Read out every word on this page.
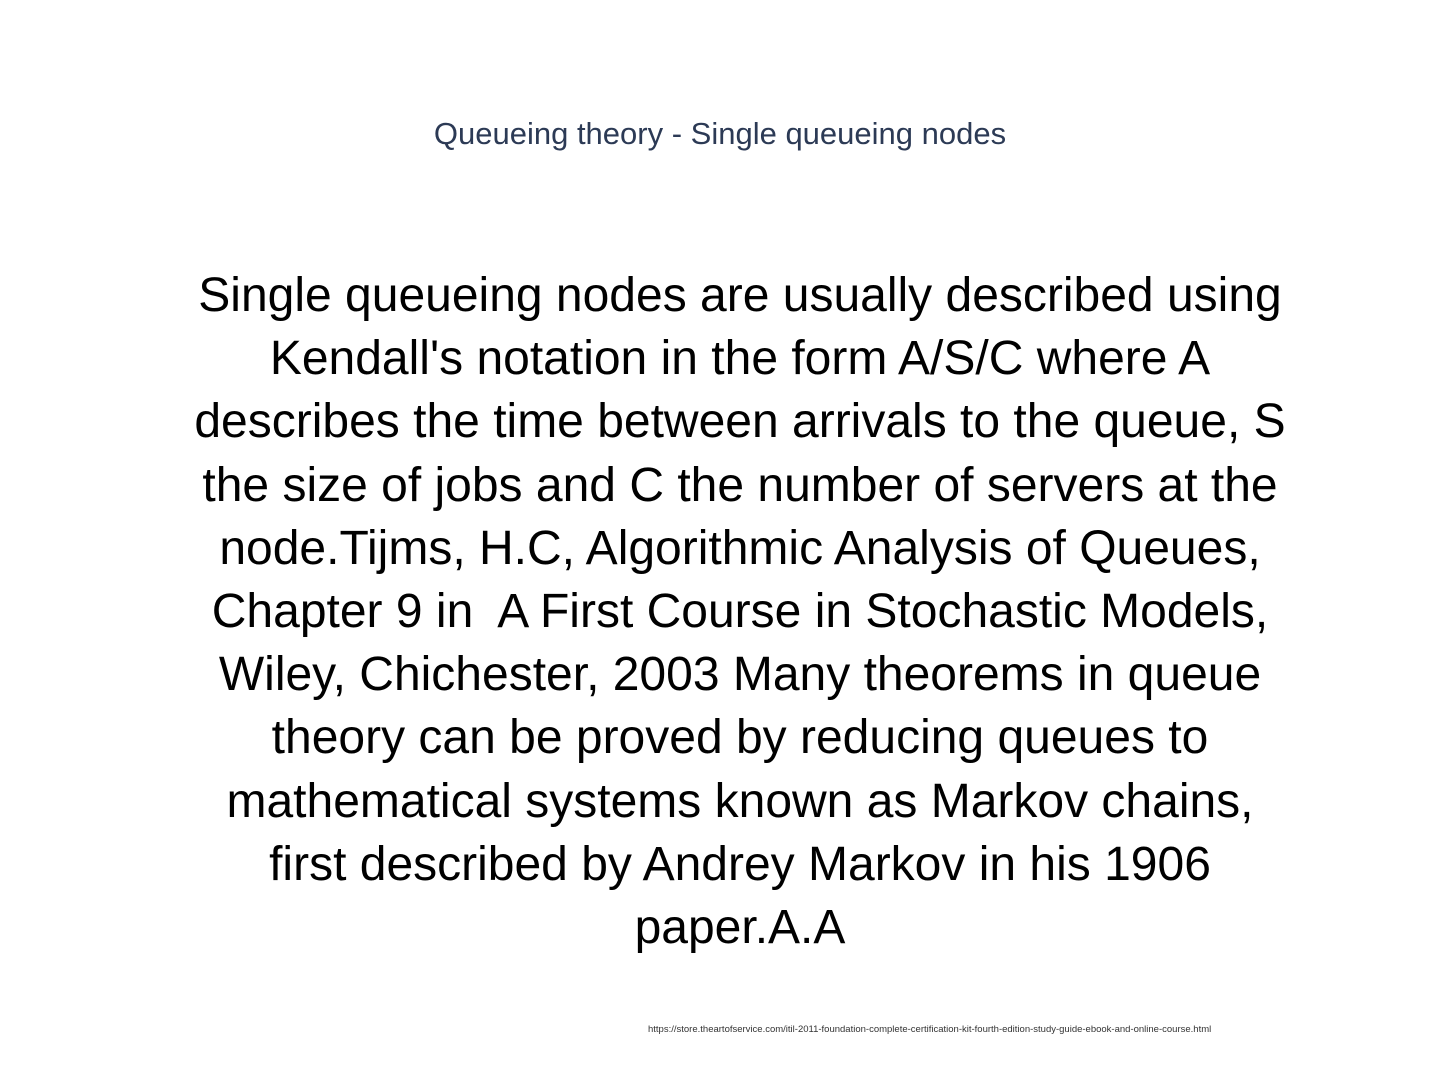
Queueing theory - Single queueing nodes
Single queueing nodes are usually described using
Kendall's notation in the form A/S/C where A
describes the time between arrivals to the queue, S
the size of jobs and C the number of servers at the
node.Tijms, H.C, Algorithmic Analysis of Queues,
Chapter 9 in  A First Course in Stochastic Models,
Wiley, Chichester, 2003 Many theorems in queue
theory can be proved by reducing queues to
mathematical systems known as Markov chains,
first described by Andrey Markov in his 1906
paper.A.A
https://store.theartofservice.com/itil-2011-foundation-complete-certification-kit-fourth-edition-study-guide-ebook-and-online-course.html
